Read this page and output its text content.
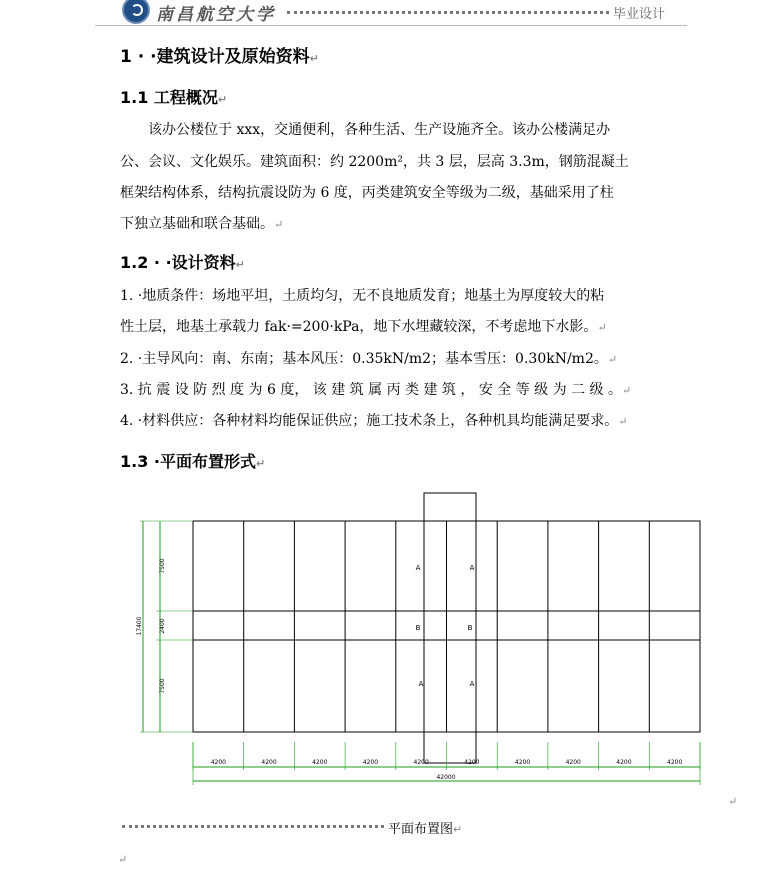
南昌航空大学	毕业设计
1 · ·建筑设计及原始资料↵
1.1 工程概况↵
该办公楼位于 xxx，交通便利，各种生活、生产设施齐全。该办公楼满足办
公、会议、文化娱乐。建筑面积：约 2200m²，共 3 层，层高 3.3m，钢筋混凝土
框架结构体系，结构抗震设防为 6 度，丙类建筑安全等级为二级，基础采用了柱
下独立基础和联合基础。↵
1.2 · ·设计资料↵
1. ·地质条件：场地平坦，土质均匀，无不良地质发育；地基土为厚度较大的粘
性土层，地基土承载力 fak·=200·kPa，地下水埋藏较深，不考虑地下水影。↵
2. ·主导风向：南、东南；基本风压：0.35kN/m2；基本雪压：0.30kN/m2。↵
3. 抗 震 设 防 烈 度 为 6 度， 该 建 筑 属 丙 类 建 筑 ， 安 全 等 级 为 二 级 。↵
4. ·材料供应：各种材料均能保证供应；施工技术条上，各种机具均能满足要求。↵
1.3 ·平面布置形式↵
A	A
B	B
A	A
7500
2400
7500
17400
4200	4200	4200	4200	4200	4200	4200	4200	4200	4200
42000
↵
平面布置图↵
↵
